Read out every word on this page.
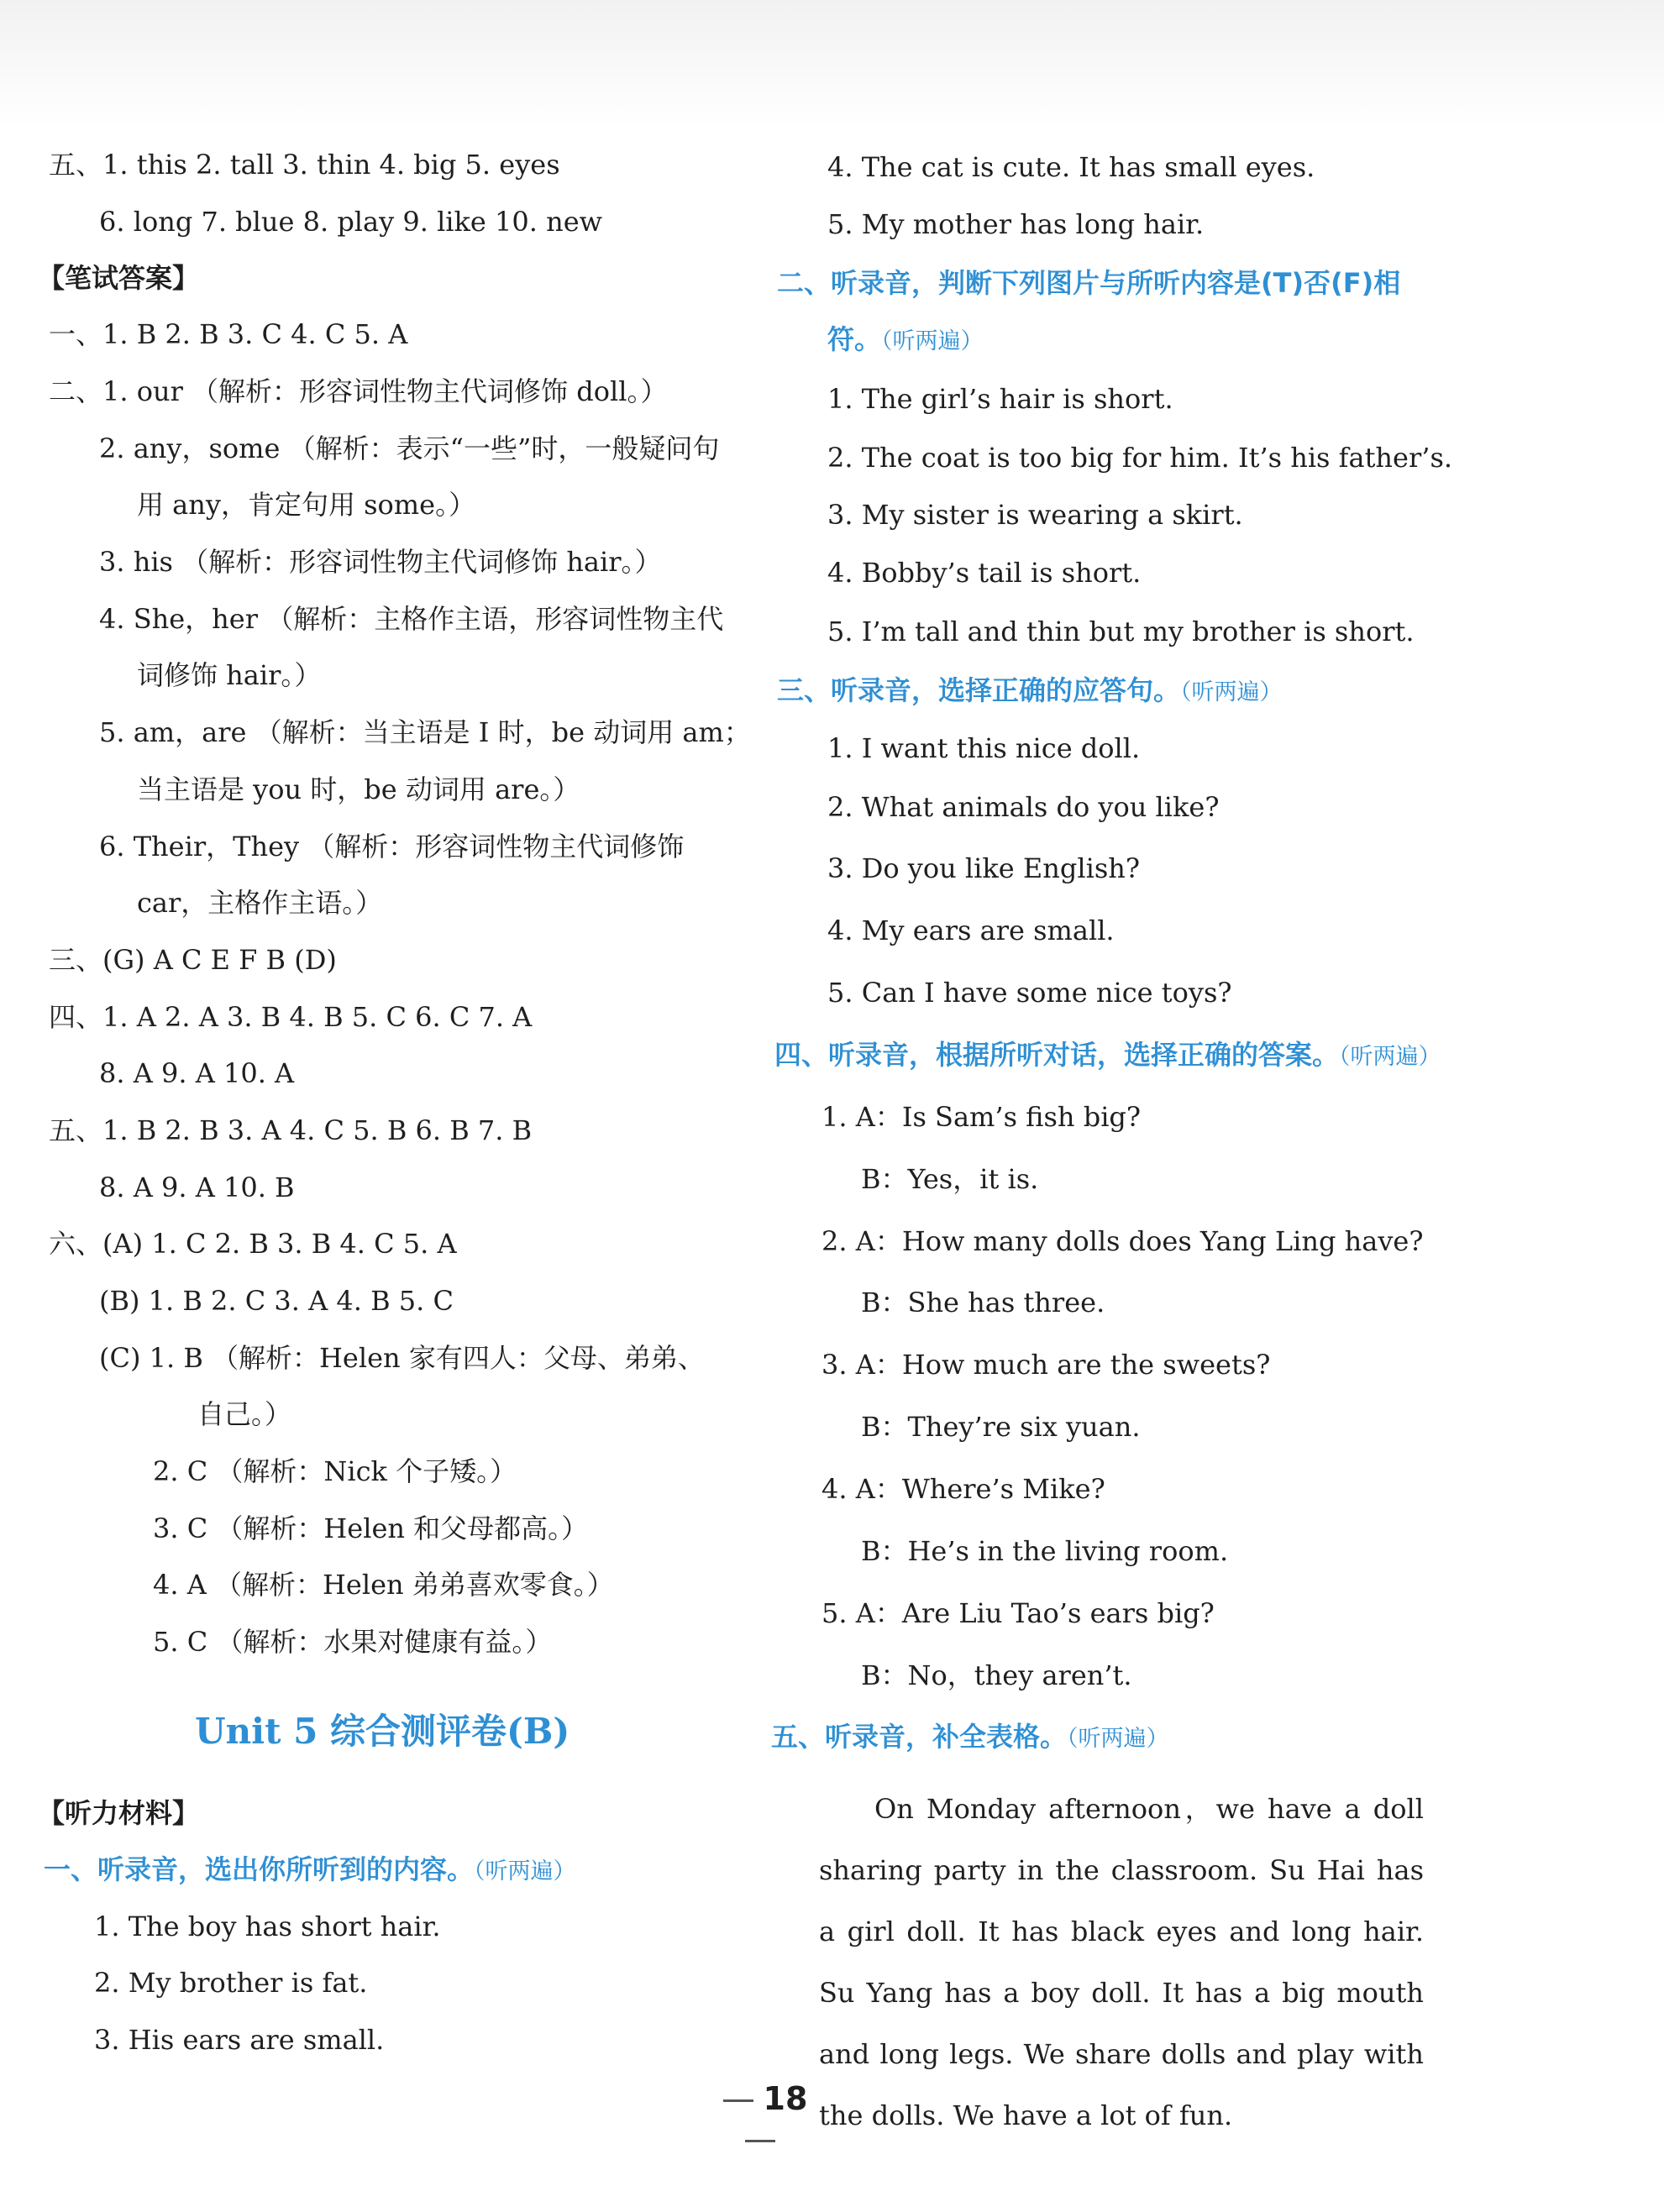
五、1. this 2. tall 3. thin 4. big 5. eyes
6. long 7. blue 8. play 9. like 10. new
【笔试答案】
一、1. B 2. B 3. C 4. C 5. A
二、1. our （解析：形容词性物主代词修饰 doll。）
2. any，some （解析：表示“一些”时，一般疑问句
用 any，肯定句用 some。）
3. his （解析：形容词性物主代词修饰 hair。）
4. She，her （解析：主格作主语，形容词性物主代
词修饰 hair。）
5. am，are （解析：当主语是 I 时，be 动词用 am；
当主语是 you 时，be 动词用 are。）
6. Their，They （解析：形容词性物主代词修饰
car，主格作主语。）
三、(G) A C E F B (D)
四、1. A 2. A 3. B 4. B 5. C 6. C 7. A
8. A 9. A 10. A
五、1. B 2. B 3. A 4. C 5. B 6. B 7. B
8. A 9. A 10. B
六、(A) 1. C 2. B 3. B 4. C 5. A
(B) 1. B 2. C 3. A 4. B 5. C
(C) 1. B （解析：Helen 家有四人：父母、弟弟、
自己。）
2. C （解析：Nick 个子矮。）
3. C （解析：Helen 和父母都高。）
4. A （解析：Helen 弟弟喜欢零食。）
5. C （解析：水果对健康有益。）
Unit 5 综合测评卷(B)
【听力材料】
一、听录音，选出你所听到的内容。（听两遍）
1. The boy has short hair.
2. My brother is fat.
3. His ears are small.
4. The cat is cute. It has small eyes.
5. My mother has long hair.
二、听录音，判断下列图片与所听内容是(T)否(F)相
符。（听两遍）
1. The girl’s hair is short.
2. The coat is too big for him. It’s his father’s.
3. My sister is wearing a skirt.
4. Bobby’s tail is short.
5. I’m tall and thin but my brother is short.
三、听录音，选择正确的应答句。（听两遍）
1. I want this nice doll.
2. What animals do you like?
3. Do you like English?
4. My ears are small.
5. Can I have some nice toys?
四、听录音，根据所听对话，选择正确的答案。（听两遍）
1. A：Is Sam’s fish big?
B：Yes，it is.
2. A：How many dolls does Yang Ling have?
B：She has three.
3. A：How much are the sweets?
B：They’re six yuan.
4. A：Where’s Mike?
B：He’s in the living room.
5. A：Are Liu Tao’s ears big?
B：No，they aren’t.
五、听录音，补全表格。（听两遍）
On Monday afternoon，we have a doll sharing party in the classroom. Su Hai has a girl doll. It has black eyes and long hair. Su Yang has a boy doll. It has a big mouth and long legs. We share dolls and play with the dolls. We have a lot of fun.
18
